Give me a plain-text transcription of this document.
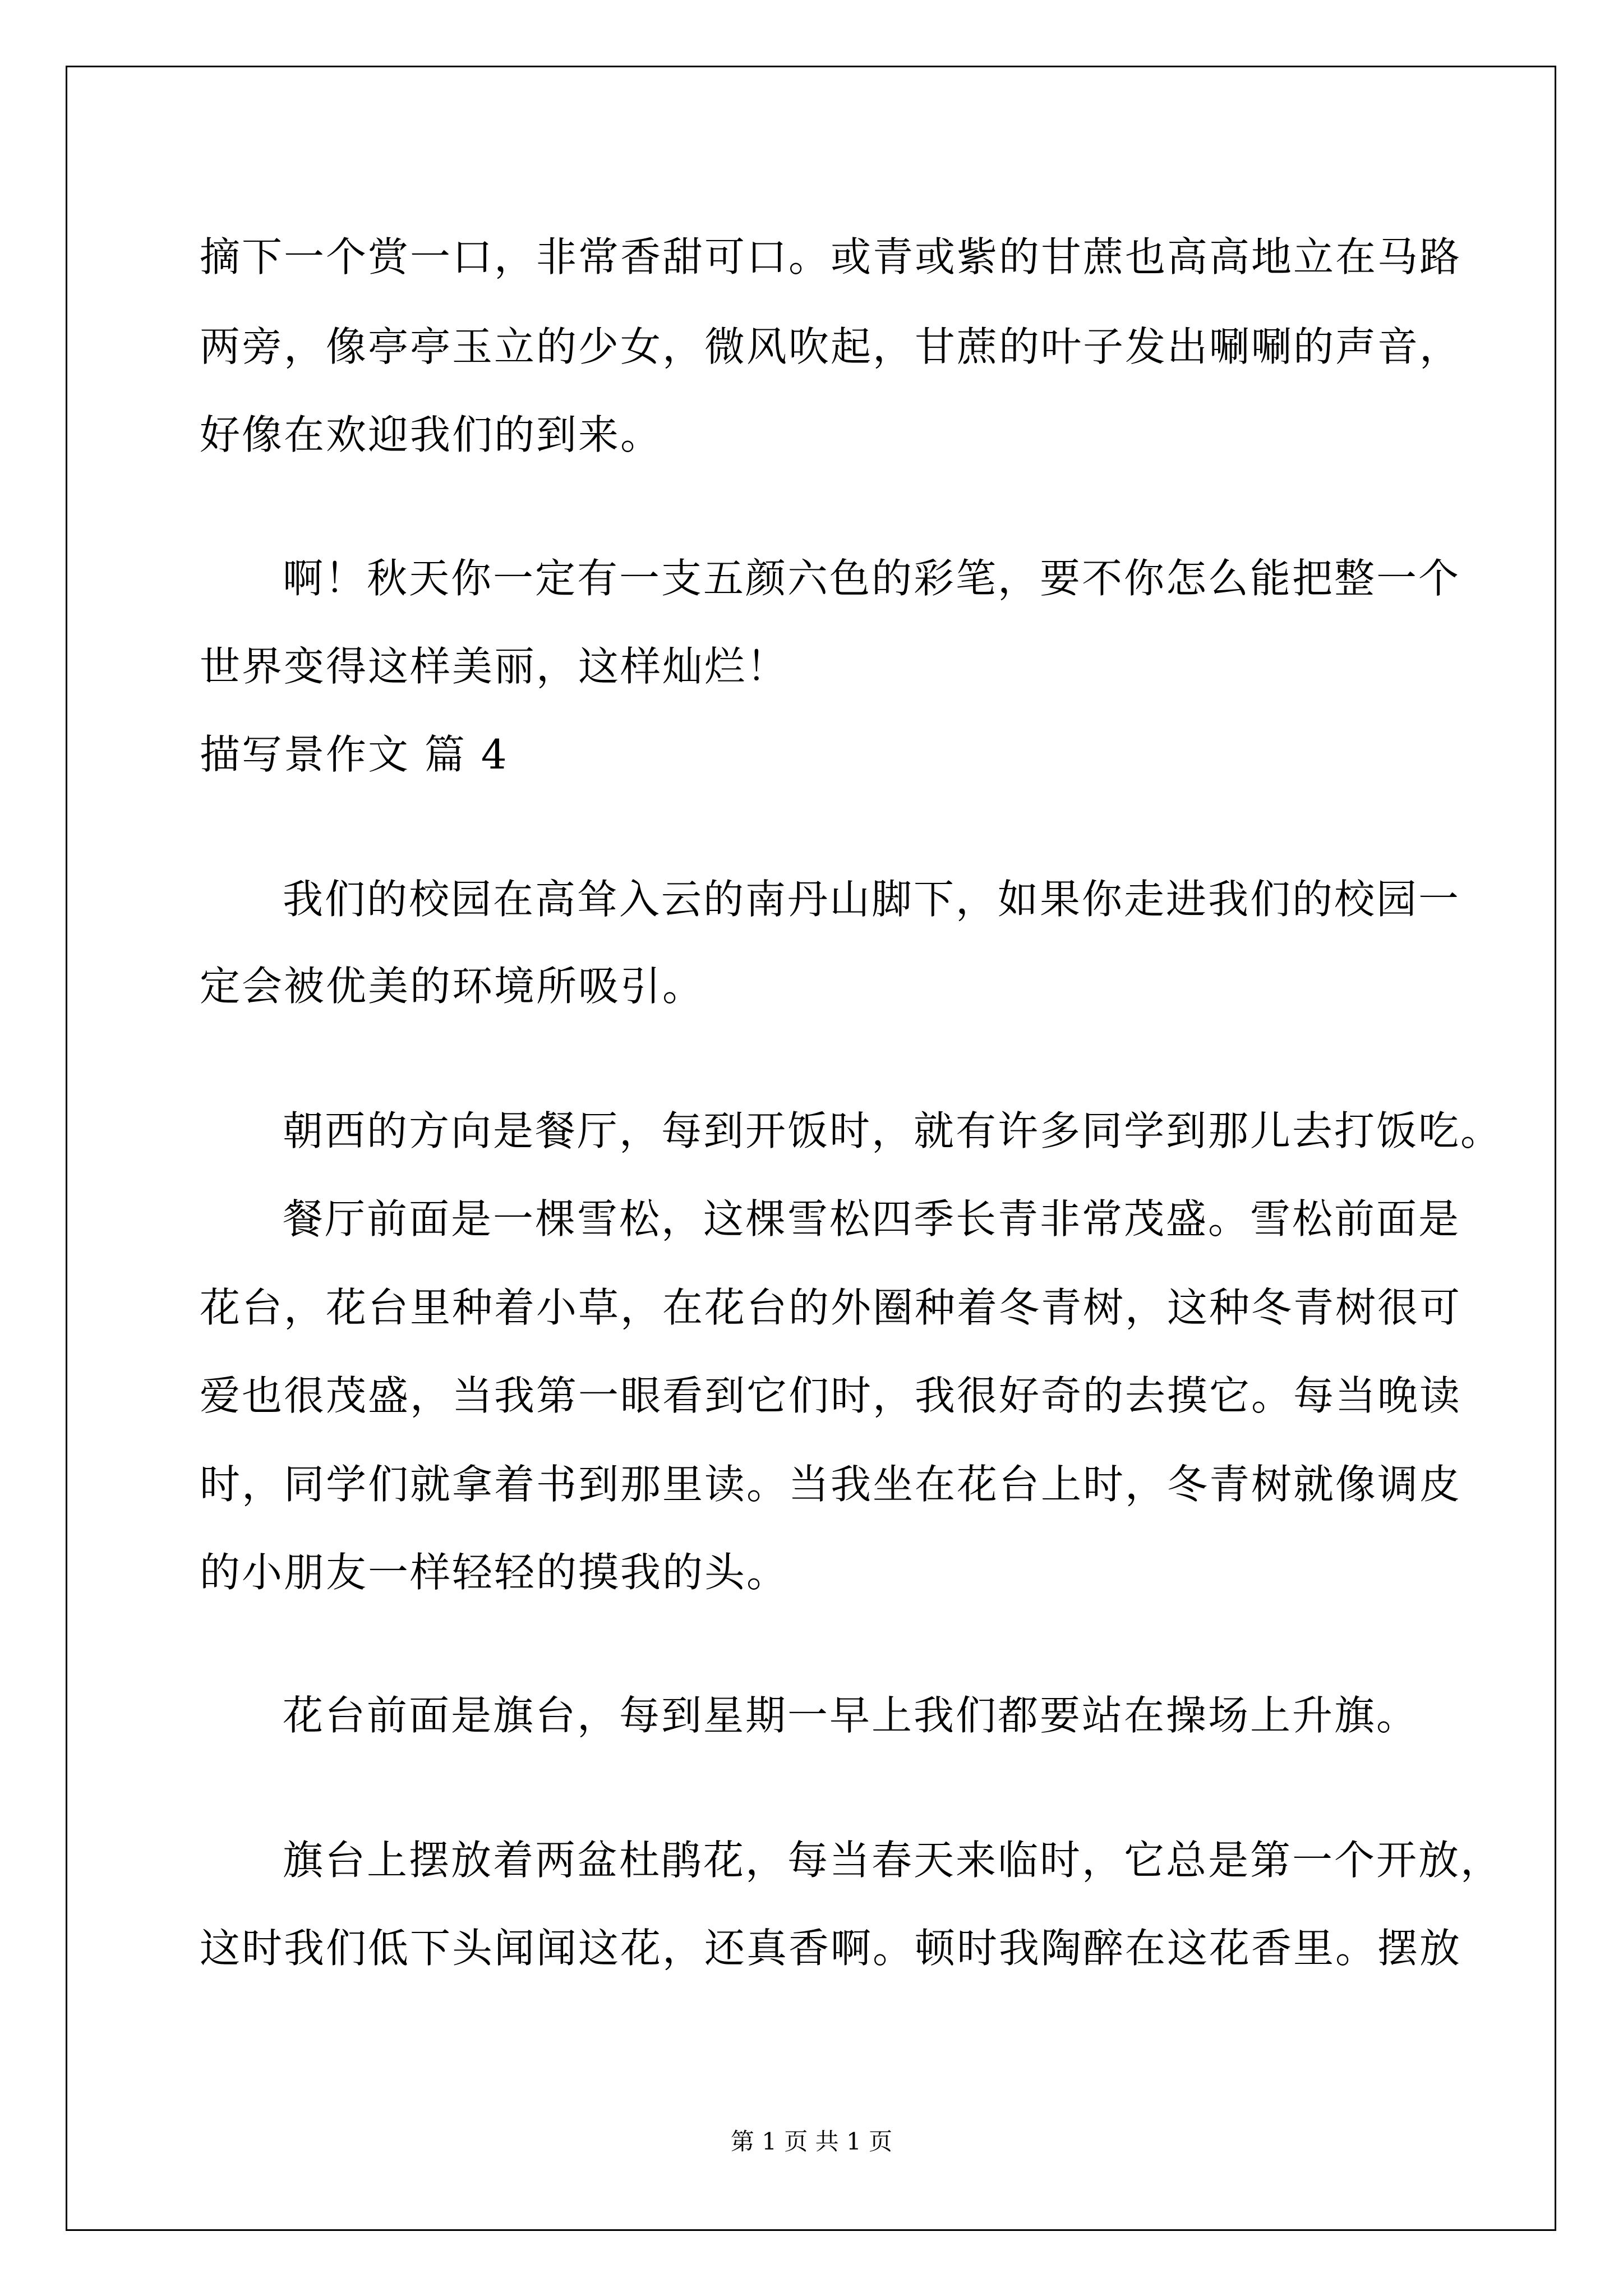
摘下一个赏一口，非常香甜可口。或青或紫的甘蔗也高高地立在马路
两旁，像亭亭玉立的少女，微风吹起，甘蔗的叶子发出唰唰的声音，
好像在欢迎我们的到来。
啊！秋天你一定有一支五颜六色的彩笔，要不你怎么能把整一个
世界变得这样美丽，这样灿烂！
描写景作文 篇 4
我们的校园在高耸入云的南丹山脚下，如果你走进我们的校园一
定会被优美的环境所吸引。
朝西的方向是餐厅，每到开饭时，就有许多同学到那儿去打饭吃。
餐厅前面是一棵雪松，这棵雪松四季长青非常茂盛。雪松前面是
花台，花台里种着小草，在花台的外圈种着冬青树，这种冬青树很可
爱也很茂盛，当我第一眼看到它们时，我很好奇的去摸它。每当晚读
时，同学们就拿着书到那里读。当我坐在花台上时，冬青树就像调皮
的小朋友一样轻轻的摸我的头。
花台前面是旗台，每到星期一早上我们都要站在操场上升旗。
旗台上摆放着两盆杜鹃花，每当春天来临时，它总是第一个开放，
这时我们低下头闻闻这花，还真香啊。顿时我陶醉在这花香里。摆放
第 1 页 共 1 页
